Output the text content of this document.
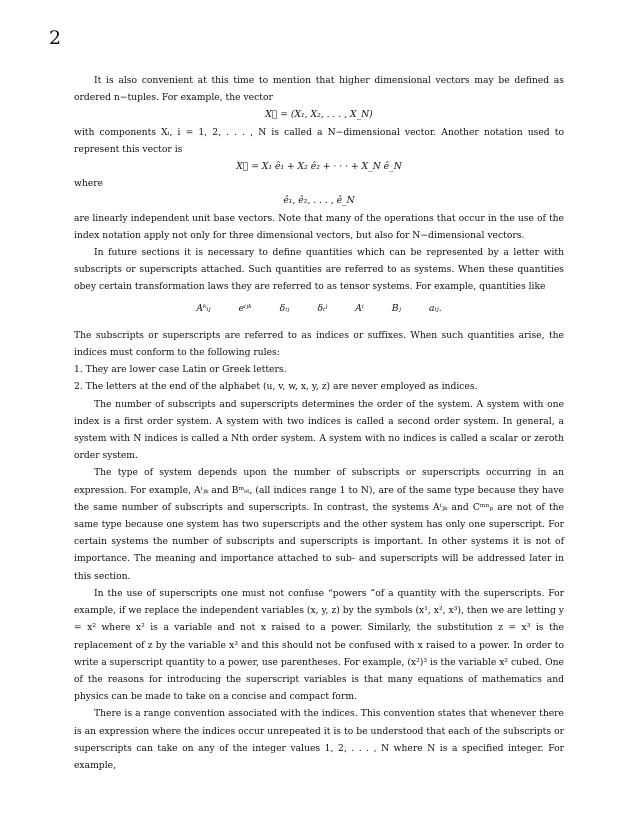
2

It is also convenient at this time to mention that higher dimensional vectors may be defined as ordered n−tuples. For example, the vector

X⃗ = (X₁, X₂, . . . , X_N)

with components Xᵢ, i = 1, 2, . . . , N is called a N−dimensional vector. Another notation used to represent this vector is

X⃗ = X₁ ê₁ + X₂ ê₂ + · · · + X_N ê_N

where

ê₁, ê₂, . . . , ê_N

are linearly independent unit base vectors. Note that many of the operations that occur in the use of the index notation apply not only for three dimensional vectors, but also for N−dimensional vectors.

In future sections it is necessary to define quantities which can be represented by a letter with subscripts or superscripts attached. Such quantities are referred to as systems. When these quantities obey certain transformation laws they are referred to as tensor systems. For example, quantities like

Aᵏᵢⱼ	eⁱʲᵏ	δᵢⱼ	δᵢʲ	Aⁱ	Bⱼ	aᵢⱼ.

The subscripts or superscripts are referred to as indices or suffixes. When such quantities arise, the indices must conform to the following rules:

1. They are lower case Latin or Greek letters.

2. The letters at the end of the alphabet (u, v, w, x, y, z) are never employed as indices.

The number of subscripts and superscripts determines the order of the system. A system with one index is a first order system. A system with two indices is called a second order system. In general, a system with N indices is called a Nth order system. A system with no indices is called a scalar or zeroth order system.

The type of system depends upon the number of subscripts or superscripts occurring in an expression. For example, Aⁱⱼₖ and Bᵐₛₜ, (all indices range 1 to N), are of the same type because they have the same number of subscripts and superscripts. In contrast, the systems Aⁱⱼₖ and Cᵐⁿₚ are not of the same type because one system has two superscripts and the other system has only one superscript. For certain systems the number of subscripts and superscripts is important. In other systems it is not of importance. The meaning and importance attached to sub- and superscripts will be addressed later in this section.

In the use of superscripts one must not confuse “powers ”of a quantity with the superscripts. For example, if we replace the independent variables (x, y, z) by the symbols (x¹, x², x³), then we are letting y = x² where x² is a variable and not x raised to a power. Similarly, the substitution z = x³ is the replacement of z by the variable x³ and this should not be confused with x raised to a power. In order to write a superscript quantity to a power, use parentheses. For example, (x²)³ is the variable x² cubed. One of the reasons for introducing the superscript variables is that many equations of mathematics and physics can be made to take on a concise and compact form.

There is a range convention associated with the indices. This convention states that whenever there is an expression where the indices occur unrepeated it is to be understood that each of the subscripts or superscripts can take on any of the integer values 1, 2, . . . , N where N is a specified integer. For example,
